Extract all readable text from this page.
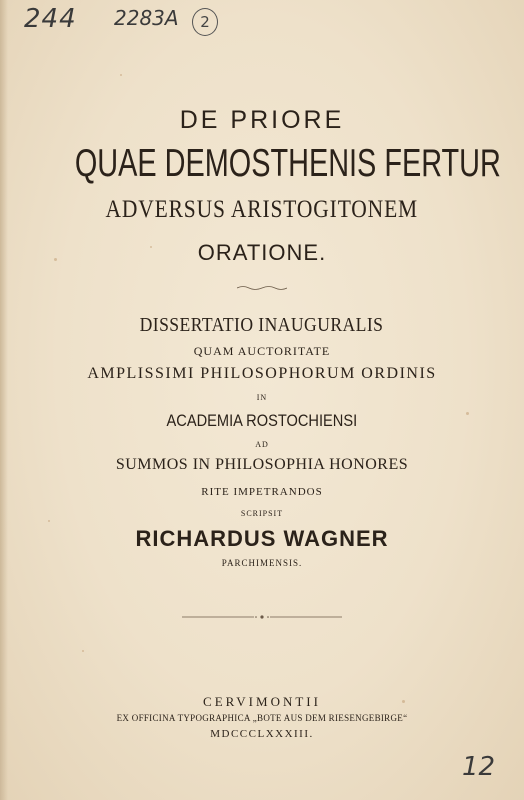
244 2283A	2
12
DE PRIORE
QUAE DEMOSTHENIS FERTUR
ADVERSUS ARISTOGITONEM
ORATIONE.
DISSERTATIO INAUGURALIS
QUAM AUCTORITATE
AMPLISSIMI PHILOSOPHORUM ORDINIS
IN
ACADEMIA ROSTOCHIENSI
AD
SUMMOS IN PHILOSOPHIA HONORES
RITE IMPETRANDOS
SCRIPSIT
RICHARDUS WAGNER
PARCHIMENSIS.
CERVIMONTII
EX OFFICINA TYPOGRAPHICA „BOTE AUS DEM RIESENGEBIRGE“
MDCCCLXXXIII.
